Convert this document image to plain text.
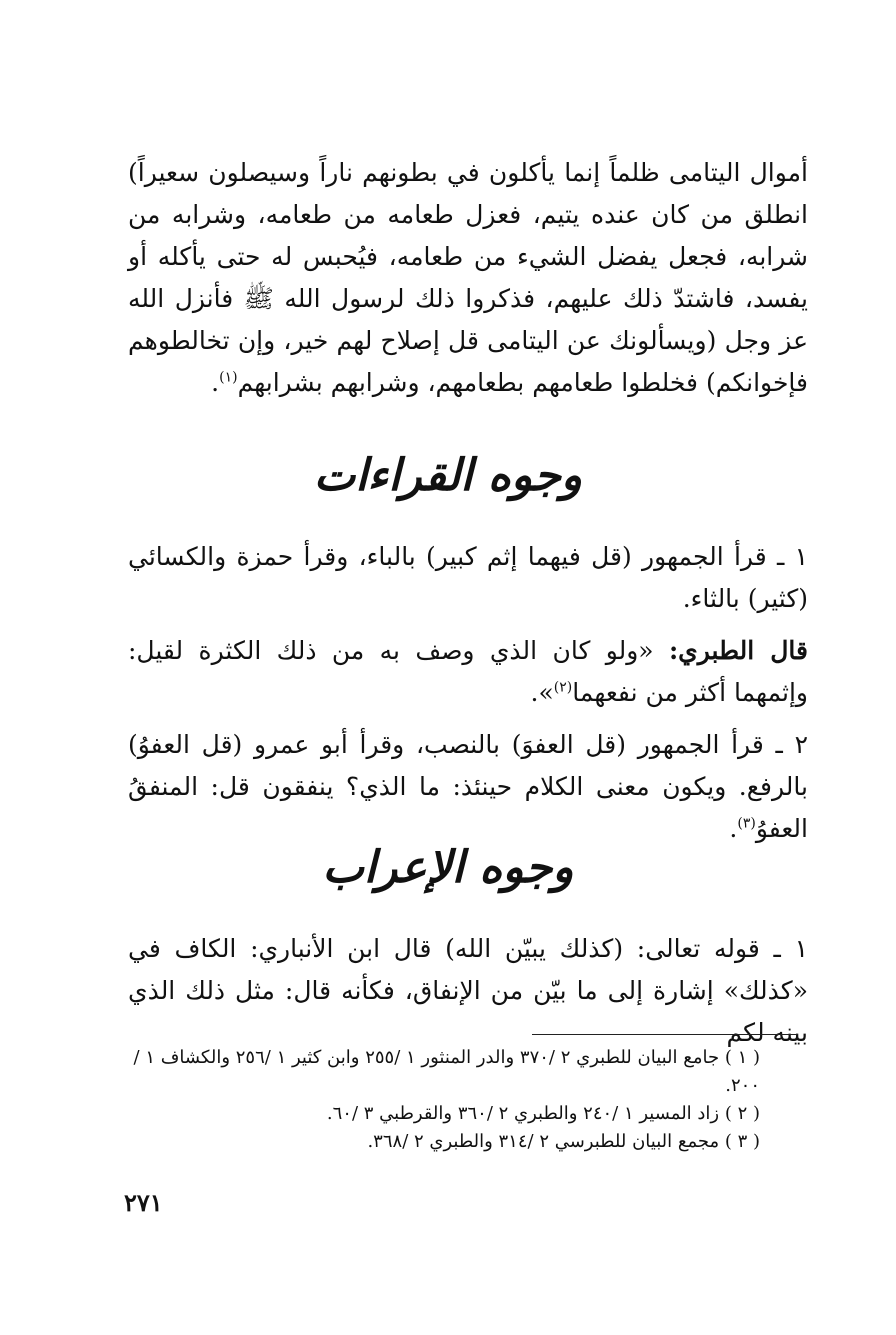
أموال اليتامى ظلماً إنما يأكلون في بطونهم ناراً وسيصلون سعيراً) انطلق من كان عنده يتيم، فعزل طعامه من طعامه، وشرابه من شرابه، فجعل يفضل الشيء من طعامه، فيُحبس له حتى يأكله أو يفسد، فاشتدّ ذلك عليهم، فذكروا ذلك لرسول الله ﷺ فأنزل الله عز وجل (ويسألونك عن اليتامى قل إصلاح لهم خير، وإن تخالطوهم فإخوانكم) فخلطوا طعامهم بطعامهم، وشرابهم بشرابهم$^{(١)}$.

وجوه القراءات

١ ـ قرأ الجمهور (قل فيهما إثم كبير) بالباء، وقرأ حمزة والكسائي (كثير) بالثاء.

قال الطبري: «ولو كان الذي وصف به من ذلك الكثرة لقيل: وإثمهما أكثر من نفعهما$^{(٢)}$».

٢ ـ قرأ الجمهور (قل العفوَ) بالنصب، وقرأ أبو عمرو (قل العفوُ) بالرفع. ويكون معنى الكلام حينئذ: ما الذي؟ ينفقون قل: المنفقُ العفوُ$^{(٣)}$.

وجوه الإعراب

١ ـ قوله تعالى: (كذلك يبيّن الله) قال ابن الأنباري: الكاف في «كذلك» إشارة إلى ما بيّن من الإنفاق، فكأنه قال: مثل ذلك الذي بينه لكم

( ١ ) جامع البيان للطبري ٢ /٣٧٠ والدر المنثور ١ /٢٥٥ وابن كثير ١ /٢٥٦ والكشاف ١ /٢٠٠.
( ٢ ) زاد المسير ١ /٢٤٠ والطبري ٢ /٣٦٠ والقرطبي ٣ /٦٠.
( ٣ ) مجمع البيان للطبرسي ٢ /٣١٤ والطبري ٢ /٣٦٨.
٢٧١
